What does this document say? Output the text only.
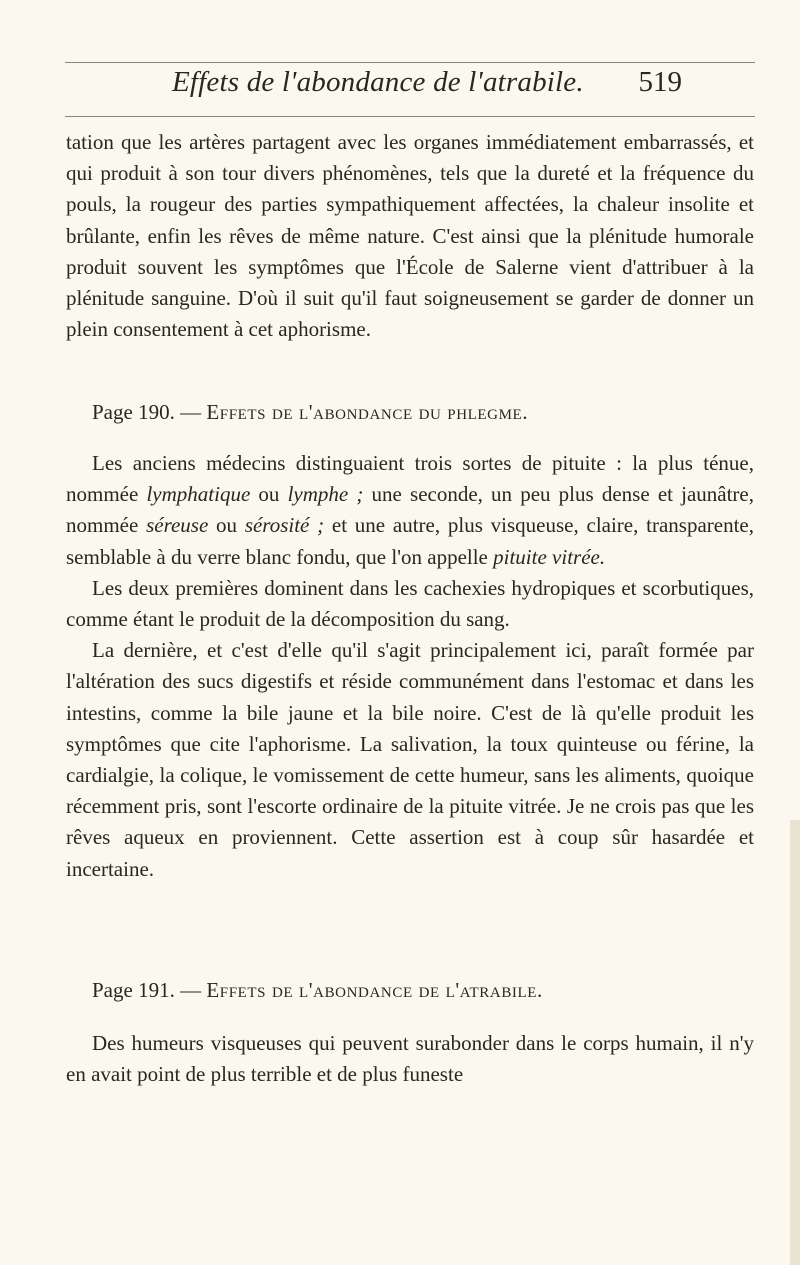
Effets de l'abondance de l'atrabile. 519
tation que les artères partagent avec les organes immédiatement embarrassés, et qui produit à son tour divers phénomènes, tels que la dureté et la fréquence du pouls, la rougeur des parties sympathiquement affectées, la chaleur insolite et brûlante, enfin les rêves de même nature. C'est ainsi que la plénitude humorale produit souvent les symptômes que l'École de Salerne vient d'attribuer à la plénitude sanguine. D'où il suit qu'il faut soigneusement se garder de donner un plein consentement à cet aphorisme.
Page 190. — Effets de l'abondance du phlegme.
Les anciens médecins distinguaient trois sortes de pituite : la plus ténue, nommée lymphatique ou lymphe ; une seconde, un peu plus dense et jaunâtre, nommée séreuse ou sérosité ; et une autre, plus visqueuse, claire, transparente, semblable à du verre blanc fondu, que l'on appelle pituite vitrée.
Les deux premières dominent dans les cachexies hydropiques et scorbutiques, comme étant le produit de la décomposition du sang.
La dernière, et c'est d'elle qu'il s'agit principalement ici, paraît formée par l'altération des sucs digestifs et réside communément dans l'estomac et dans les intestins, comme la bile jaune et la bile noire. C'est de là qu'elle produit les symptômes que cite l'aphorisme. La salivation, la toux quinteuse ou férine, la cardialgie, la colique, le vomissement de cette humeur, sans les aliments, quoique récemment pris, sont l'escorte ordinaire de la pituite vitrée. Je ne crois pas que les rêves aqueux en proviennent. Cette assertion est à coup sûr hasardée et incertaine.
Page 191. — Effets de l'abondance de l'atrabile.
Des humeurs visqueuses qui peuvent surabonder dans le corps humain, il n'y en avait point de plus terrible et de plus funeste
